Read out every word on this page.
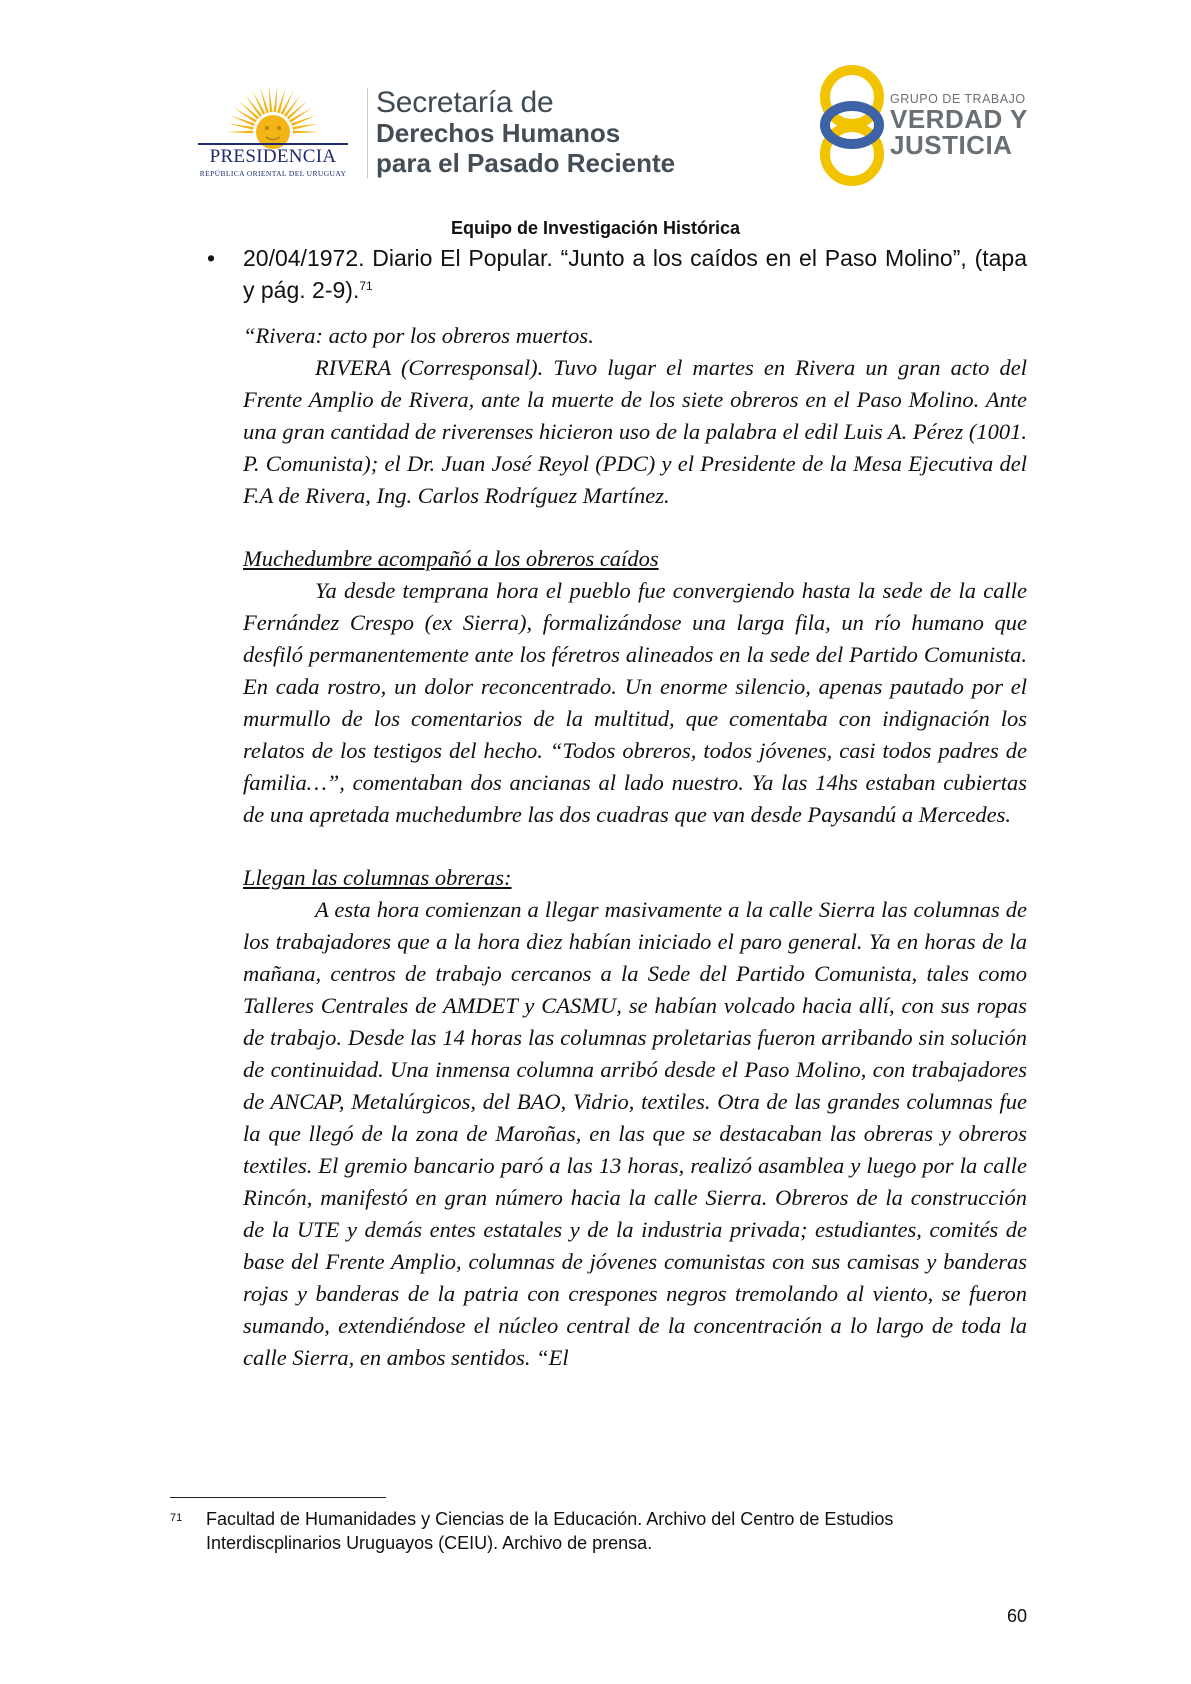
PRESIDENCIA
REPÚBLICA ORIENTAL DEL URUGUAY
Secretaría de
Derechos Humanos
para el Pasado Reciente
GRUPO DE TRABAJO
VERDAD Y
JUSTICIA
Equipo de Investigación Histórica
• 20/04/1972. Diario El Popular. “Junto a los caídos en el Paso Molino”, (tapa y pág. 2-9).$^{71}$

“Rivera: acto por los obreros muertos.

RIVERA (Corresponsal). Tuvo lugar el martes en Rivera un gran acto del Frente Amplio de Rivera, ante la muerte de los siete obreros en el Paso Molino. Ante una gran cantidad de riverenses hicieron uso de la palabra el edil Luis A. Pérez (1001. P. Comunista); el Dr. Juan José Reyol (PDC) y el Presidente de la Mesa Ejecutiva del F.A de Rivera, Ing. Carlos Rodríguez Martínez.

Muchedumbre acompañó a los obreros caídos

Ya desde temprana hora el pueblo fue convergiendo hasta la sede de la calle Fernández Crespo (ex Sierra), formalizándose una larga fila, un río humano que desfiló permanentemente ante los féretros alineados en la sede del Partido Comunista. En cada rostro, un dolor reconcentrado. Un enorme silencio, apenas pautado por el murmullo de los comentarios de la multitud, que comentaba con indignación los relatos de los testigos del hecho. “Todos obreros, todos jóvenes, casi todos padres de familia…”, comentaban dos ancianas al lado nuestro. Ya las 14hs estaban cubiertas de una apretada muchedumbre las dos cuadras que van desde Paysandú a Mercedes.

Llegan las columnas obreras:

A esta hora comienzan a llegar masivamente a la calle Sierra las columnas de los trabajadores que a la hora diez habían iniciado el paro general. Ya en horas de la mañana, centros de trabajo cercanos a la Sede del Partido Comunista, tales como Talleres Centrales de AMDET y CASMU, se habían volcado hacia allí, con sus ropas de trabajo. Desde las 14 horas las columnas proletarias fueron arribando sin solución de continuidad. Una inmensa columna arribó desde el Paso Molino, con trabajadores de ANCAP, Metalúrgicos, del BAO, Vidrio, textiles. Otra de las grandes columnas fue la que llegó de la zona de Maroñas, en las que se destacaban las obreras y obreros textiles. El gremio bancario paró a las 13 horas, realizó asamblea y luego por la calle Rincón, manifestó en gran número hacia la calle Sierra. Obreros de la construcción de la UTE y demás entes estatales y de la industria privada; estudiantes, comités de base del Frente Amplio, columnas de jóvenes comunistas con sus camisas y banderas rojas y banderas de la patria con crespones negros tremolando al viento, se fueron sumando, extendiéndose el núcleo central de la concentración a lo largo de toda la calle Sierra, en ambos sentidos. “El

71 Facultad de Humanidades y Ciencias de la Educación. Archivo del Centro de Estudios
Interdiscplinarios Uruguayos (CEIU). Archivo de prensa.
60
